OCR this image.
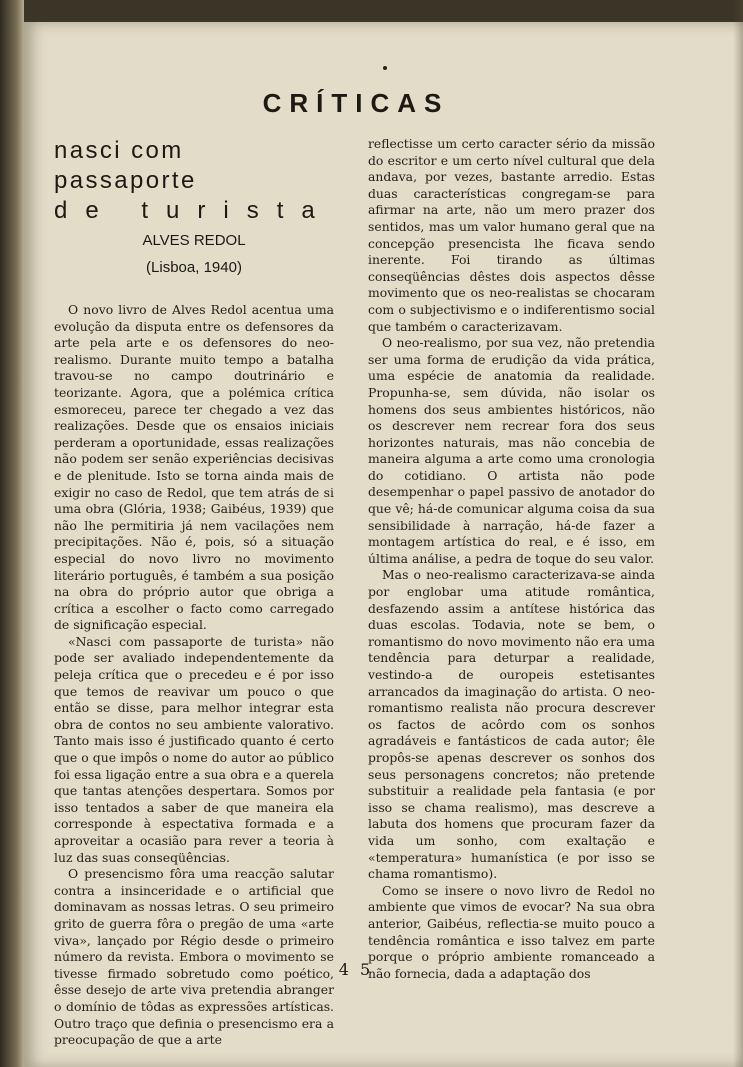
CRÍTICAS

nasci com passaporte

de turista

ALVES REDOL
(Lisboa, 1940)

O novo livro de Alves Redol acentua uma evolução da disputa entre os defensores da arte pela arte e os defensores do neo-realismo. Durante muito tempo a batalha travou-se no campo doutrinário e teorizante. Agora, que a polémica crítica esmoreceu, parece ter chegado a vez das realizações. Desde que os ensaios iniciais perderam a oportunidade, essas realizações não podem ser senão experiências decisivas e de plenitude. Isto se torna ainda mais de exigir no caso de Redol, que tem atrás de si uma obra (Glória, 1938; Gaibéus, 1939) que não lhe permitiria já nem vacilações nem precipitações. Não é, pois, só a situação especial do novo livro no movimento literário português, é também a sua posição na obra do próprio autor que obriga a crítica a escolher o facto como carregado de significação especial.

«Nasci com passaporte de turista» não pode ser avaliado independentemente da peleja crítica que o precedeu e é por isso que temos de reavivar um pouco o que então se disse, para melhor integrar esta obra de contos no seu ambiente valorativo. Tanto mais isso é justificado quanto é certo que o que impôs o nome do autor ao público foi essa ligação entre a sua obra e a querela que tantas atenções despertara. Somos por isso tentados a saber de que maneira ela corresponde à espectativa formada e a aproveitar a ocasião para rever a teoria à luz das suas conseqüências.

O presencismo fôra uma reacção salutar contra a insinceridade e o artificial que dominavam as nossas letras. O seu primeiro grito de guerra fôra o pregão de uma «arte viva», lançado por Régio desde o primeiro número da revista. Embora o movimento se tivesse firmado sobretudo como poético, êsse desejo de arte viva pretendia abranger o domínio de tôdas as expressões artísticas. Outro traço que definia o presencismo era a preocupação de que a arte

reflectisse um certo caracter sério da missão do escritor e um certo nível cultural que dela andava, por vezes, bastante arredio. Estas duas características congregam-se para afirmar na arte, não um mero prazer dos sentidos, mas um valor humano geral que na concepção presencista lhe ficava sendo inerente. Foi tirando as últimas conseqüências dêstes dois aspectos dêsse movimento que os neo-realistas se chocaram com o subjectivismo e o indiferentismo social que também o caracterizavam.

O neo-realismo, por sua vez, não pretendia ser uma forma de erudição da vida prática, uma espécie de anatomia da realidade. Propunha-se, sem dúvida, não isolar os homens dos seus ambientes históricos, não os descrever nem recrear fora dos seus horizontes naturais, mas não concebia de maneira alguma a arte como uma cronologia do cotidiano. O artista não pode desempenhar o papel passivo de anotador do que vê; há-de comunicar alguma coisa da sua sensibilidade à narração, há-de fazer a montagem artística do real, e é isso, em última análise, a pedra de toque do seu valor.

Mas o neo-realismo caracterizava-se ainda por englobar uma atitude romântica, desfazendo assim a antítese histórica das duas escolas. Todavia, note se bem, o romantismo do novo movimento não era uma tendência para deturpar a realidade, vestindo-a de ouropeis estetisantes arrancados da imaginação do artista. O neo-romantismo realista não procura descrever os factos de acôrdo com os sonhos agradáveis e fantásticos de cada autor; êle propôs-se apenas descrever os sonhos dos seus personagens concretos; não pretende substituir a realidade pela fantasia (e por isso se chama realismo), mas descreve a labuta dos homens que procuram fazer da vida um sonho, com exaltação e «temperatura» humanística (e por isso se chama romantismo).

Como se insere o novo livro de Redol no ambiente que vimos de evocar? Na sua obra anterior, Gaibéus, reflectia-se muito pouco a tendência romântica e isso talvez em parte porque o próprio ambiente romanceado a não fornecia, dada a adaptação dos

4 5
